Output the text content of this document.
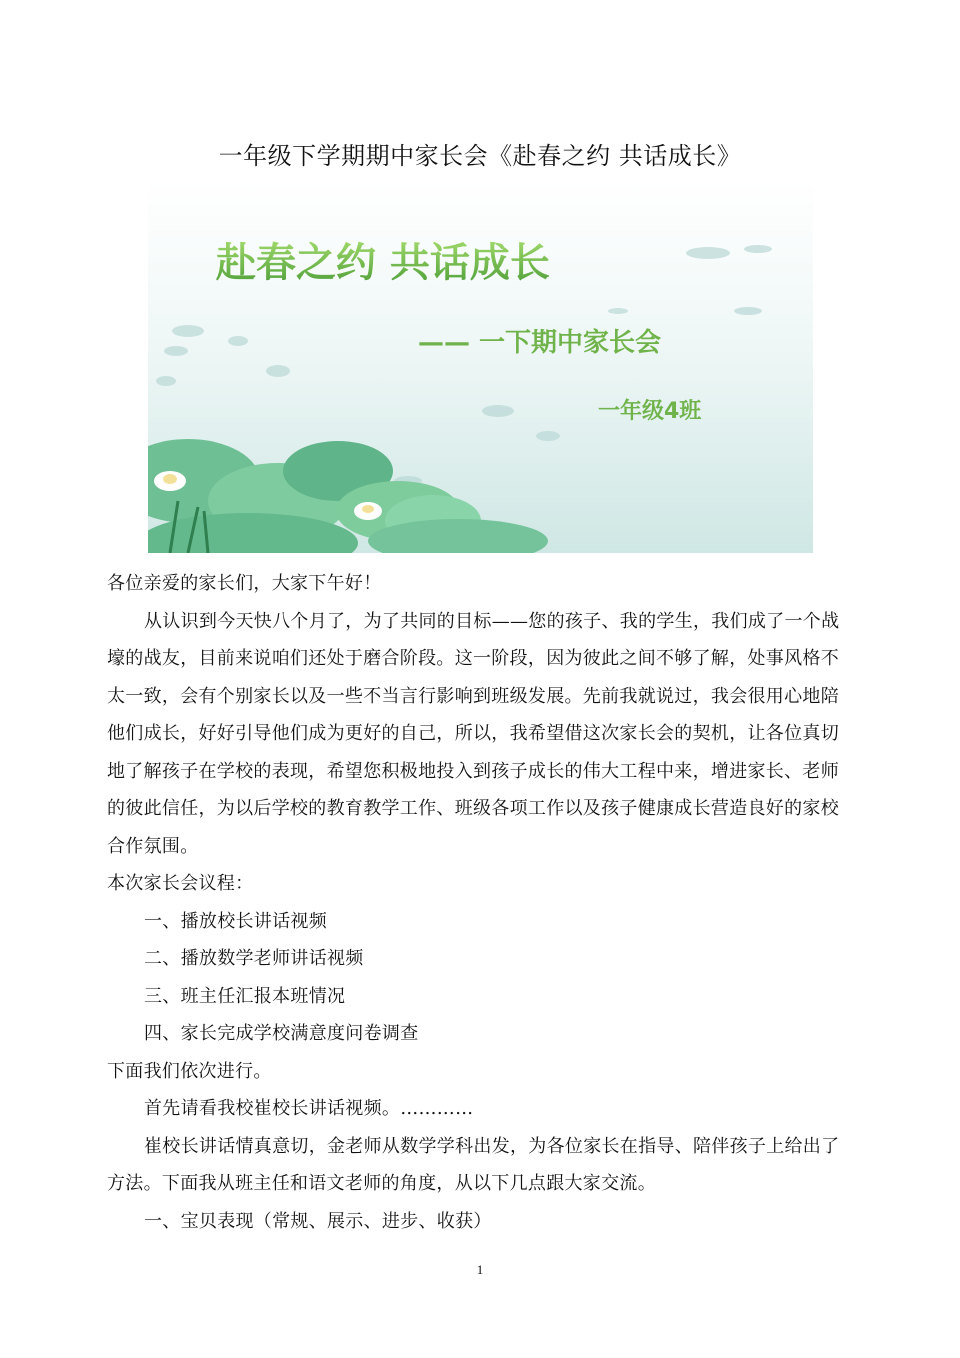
一年级下学期期中家长会《赴春之约 共话成长》
赴春之约 共话成长
—— 一下期中家长会
一年级4班

各位亲爱的家长们，大家下午好！

从认识到今天快八个月了，为了共同的目标——您的孩子、我的学生，我们成了一个战壕的战友，目前来说咱们还处于磨合阶段。这一阶段，因为彼此之间不够了解，处事风格不太一致，会有个别家长以及一些不当言行影响到班级发展。先前我就说过，我会很用心地陪他们成长，好好引导他们成为更好的自己，所以，我希望借这次家长会的契机，让各位真切地了解孩子在学校的表现，希望您积极地投入到孩子成长的伟大工程中来，增进家长、老师的彼此信任，为以后学校的教育教学工作、班级各项工作以及孩子健康成长营造良好的家校合作氛围。

本次家长会议程：

一、播放校长讲话视频

二、播放数学老师讲话视频

三、班主任汇报本班情况

四、家长完成学校满意度问卷调查

下面我们依次进行。

首先请看我校崔校长讲话视频。…………

崔校长讲话情真意切，金老师从数学学科出发，为各位家长在指导、陪伴孩子上给出了方法。下面我从班主任和语文老师的角度，从以下几点跟大家交流。

一、宝贝表现（常规、展示、进步、收获）

1
